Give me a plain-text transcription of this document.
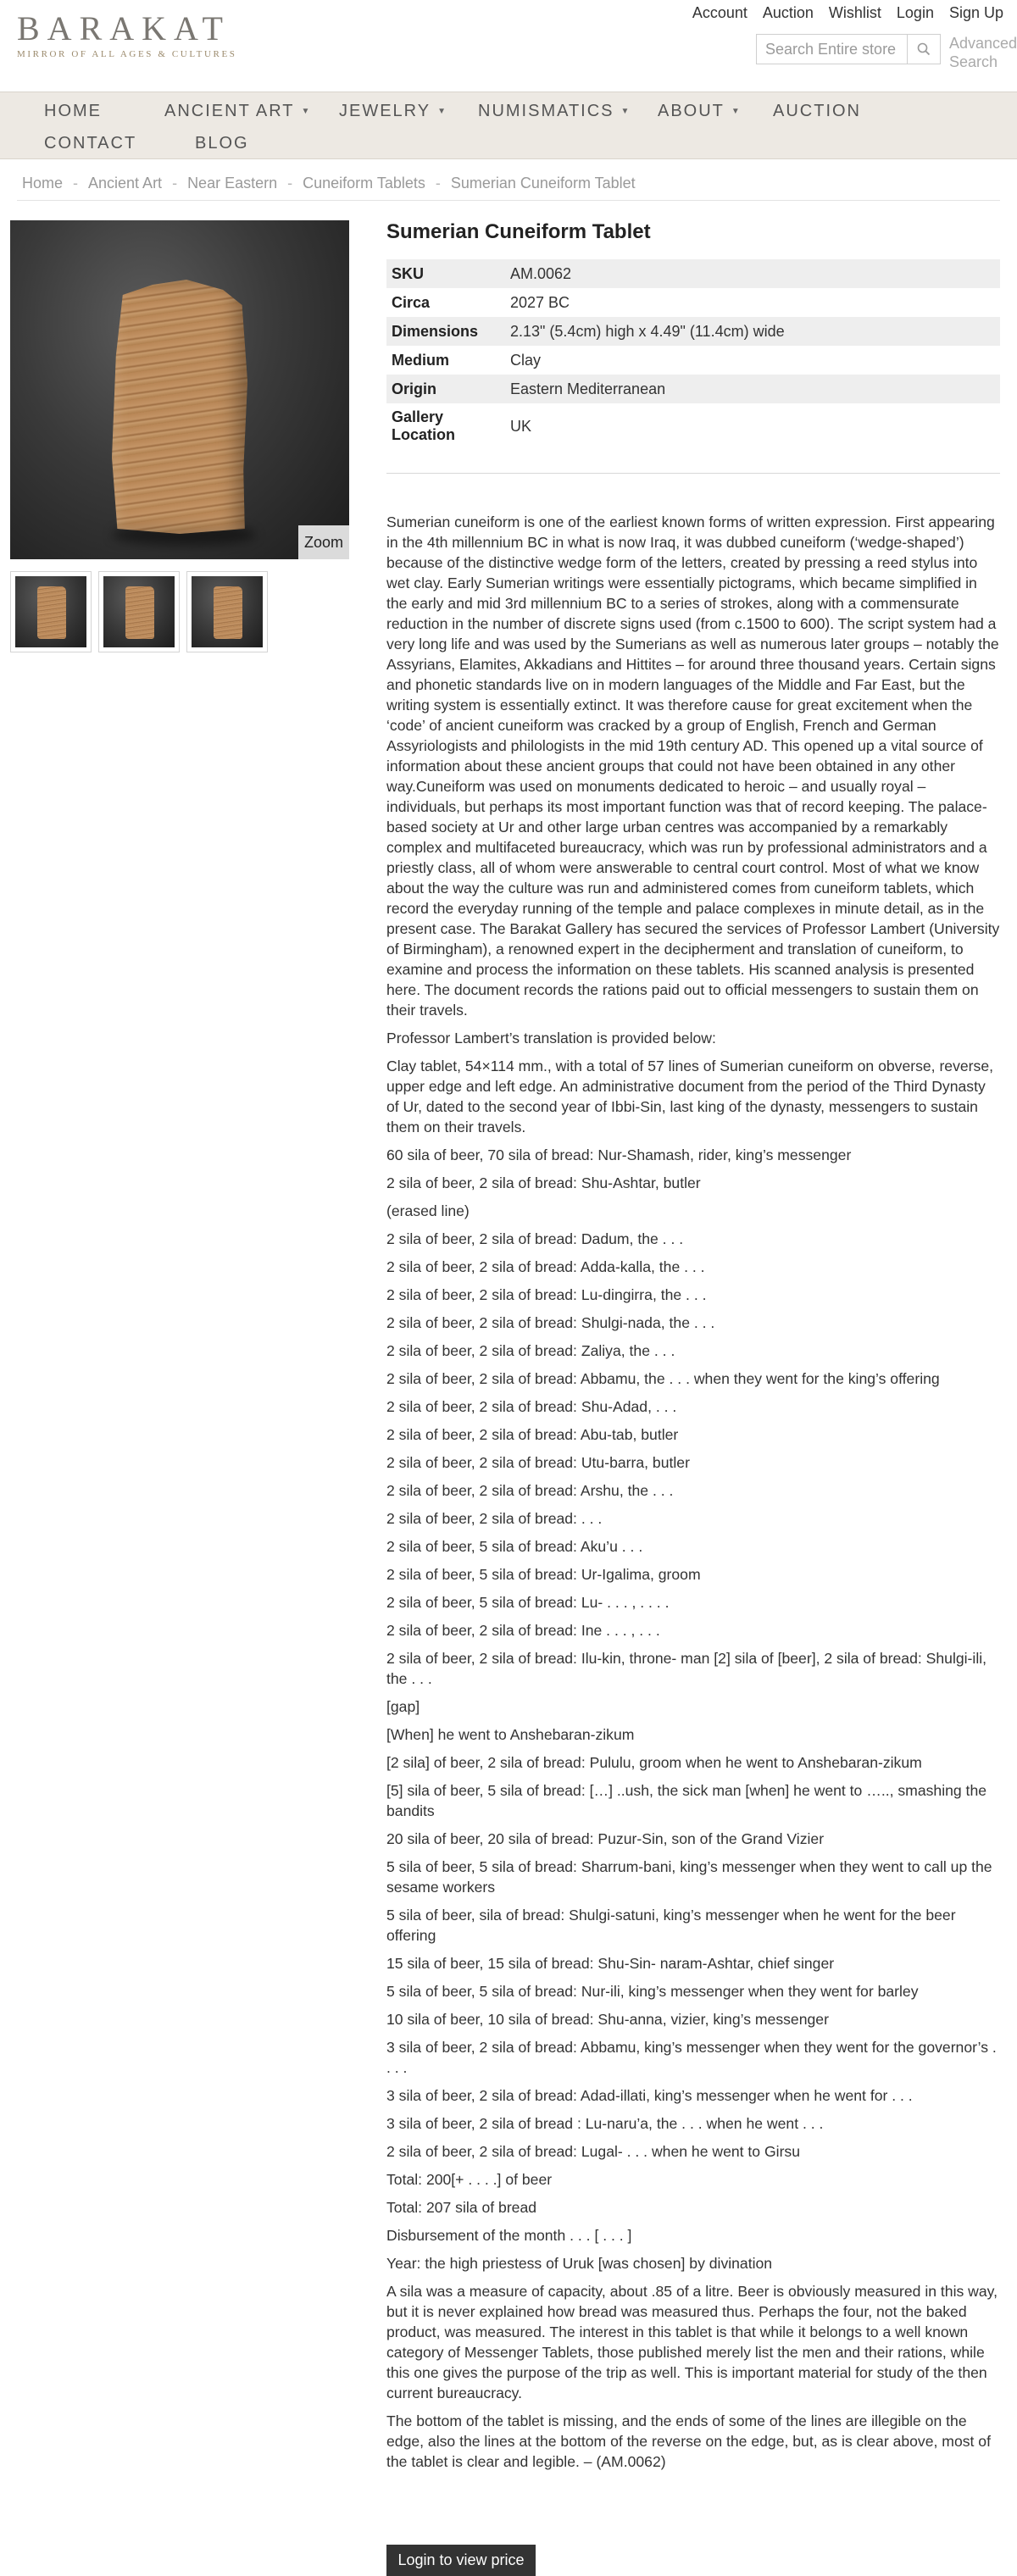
BARAKAT
MIRROR OF ALL AGES & CULTURES
Account Auction Wishlist Login Sign Up
Search Entire store
Advanced Search
HOME	ANCIENT ART ▼ JEWELRY ▼ NUMISMATICS ▼ ABOUT ▼ AUCTION
CONTACT	BLOG
Home - Ancient Art - Near Eastern - Cuneiform Tablets - Sumerian Cuneiform Tablet
Zoom
Sumerian Cuneiform Tablet
SKU	AM.0062
Circa	2027 BC
Dimensions	2.13" (5.4cm) high x 4.49" (11.4cm) wide
Medium	Clay
Origin	Eastern Mediterranean
Gallery Location	UK

Sumerian cuneiform is one of the earliest known forms of written expression. First appearing in the 4th millennium BC in what is now Iraq, it was dubbed cuneiform (‘wedge-shaped’) because of the distinctive wedge form of the letters, created by pressing a reed stylus into wet clay. Early Sumerian writings were essentially pictograms, which became simplified in the early and mid 3rd millennium BC to a series of strokes, along with a commensurate reduction in the number of discrete signs used (from c.1500 to 600). The script system had a very long life and was used by the Sumerians as well as numerous later groups – notably the Assyrians, Elamites, Akkadians and Hittites – for around three thousand years. Certain signs and phonetic standards live on in modern languages of the Middle and Far East, but the writing system is essentially extinct. It was therefore cause for great excitement when the ‘code’ of ancient cuneiform was cracked by a group of English, French and German Assyriologists and philologists in the mid 19th century AD. This opened up a vital source of information about these ancient groups that could not have been obtained in any other way.Cuneiform was used on monuments dedicated to heroic – and usually royal – individuals, but perhaps its most important function was that of record keeping. The palace-based society at Ur and other large urban centres was accompanied by a remarkably complex and multifaceted bureaucracy, which was run by professional administrators and a priestly class, all of whom were answerable to central court control. Most of what we know about the way the culture was run and administered comes from cuneiform tablets, which record the everyday running of the temple and palace complexes in minute detail, as in the present case. The Barakat Gallery has secured the services of Professor Lambert (University of Birmingham), a renowned expert in the decipherment and translation of cuneiform, to examine and process the information on these tablets. His scanned analysis is presented here. The document records the rations paid out to official messengers to sustain them on their travels.

Professor Lambert’s translation is provided below:

Clay tablet, 54×114 mm., with a total of 57 lines of Sumerian cuneiform on obverse, reverse, upper edge and left edge. An administrative document from the period of the Third Dynasty of Ur, dated to the second year of Ibbi-Sin, last king of the dynasty, messengers to sustain them on their travels.

60 sila of beer, 70 sila of bread: Nur-Shamash, rider, king’s messenger

2 sila of beer, 2 sila of bread: Shu-Ashtar, butler

(erased line)

2 sila of beer, 2 sila of bread: Dadum, the . . .

2 sila of beer, 2 sila of bread: Adda-kalla, the . . .

2 sila of beer, 2 sila of bread: Lu-dingirra, the . . .

2 sila of beer, 2 sila of bread: Shulgi-nada, the . . .

2 sila of beer, 2 sila of bread: Zaliya, the . . .

2 sila of beer, 2 sila of bread: Abbamu, the . . . when they went for the king’s offering

2 sila of beer, 2 sila of bread: Shu-Adad, . . .

2 sila of beer, 2 sila of bread: Abu-tab, butler

2 sila of beer, 2 sila of bread: Utu-barra, butler

2 sila of beer, 2 sila of bread: Arshu, the . . .

2 sila of beer, 2 sila of bread: . . .

2 sila of beer, 5 sila of bread: Aku’u . . .

2 sila of beer, 5 sila of bread: Ur-Igalima, groom

2 sila of beer, 5 sila of bread: Lu- . . . , . . . .

2 sila of beer, 2 sila of bread: Ine . . . , . . .

2 sila of beer, 2 sila of bread: Ilu-kin, throne- man [2] sila of [beer], 2 sila of bread: Shulgi-ili, the . . .

[gap]

[When] he went to Anshebaran-zikum

[2 sila] of beer, 2 sila of bread: Pululu, groom when he went to Anshebaran-zikum

[5] sila of beer, 5 sila of bread: […] ..ush, the sick man [when] he went to ….., smashing the bandits

20 sila of beer, 20 sila of bread: Puzur-Sin, son of the Grand Vizier

5 sila of beer, 5 sila of bread: Sharrum-bani, king’s messenger when they went to call up the sesame workers

5 sila of beer, sila of bread: Shulgi-satuni, king’s messenger when he went for the beer offering

15 sila of beer, 15 sila of bread: Shu-Sin- naram-Ashtar, chief singer

5 sila of beer, 5 sila of bread: Nur-ili, king’s messenger when they went for barley

10 sila of beer, 10 sila of bread: Shu-anna, vizier, king’s messenger

3 sila of beer, 2 sila of bread: Abbamu, king’s messenger when they went for the governor’s . . . .

3 sila of beer, 2 sila of bread: Adad-illati, king’s messenger when he went for . . .

3 sila of beer, 2 sila of bread : Lu-naru’a, the . . . when he went . . .

2 sila of beer, 2 sila of bread: Lugal- . . . when he went to Girsu

Total: 200[+ . . . .] of beer

Total: 207 sila of bread

Disbursement of the month . . . [ . . . ]

Year: the high priestess of Uruk [was chosen] by divination

A sila was a measure of capacity, about .85 of a litre. Beer is obviously measured in this way, but it is never explained how bread was measured thus. Perhaps the four, not the baked product, was measured. The interest in this tablet is that while it belongs to a well known category of Messenger Tablets, those published merely list the men and their rations, while this one gives the purpose of the trip as well. This is important material for study of the then current bureaucracy.

The bottom of the tablet is missing, and the ends of some of the lines are illegible on the edge, also the lines at the bottom of the reverse on the edge, but, as is clear above, most of the tablet is clear and legible. – (AM.0062)

Login to view price
